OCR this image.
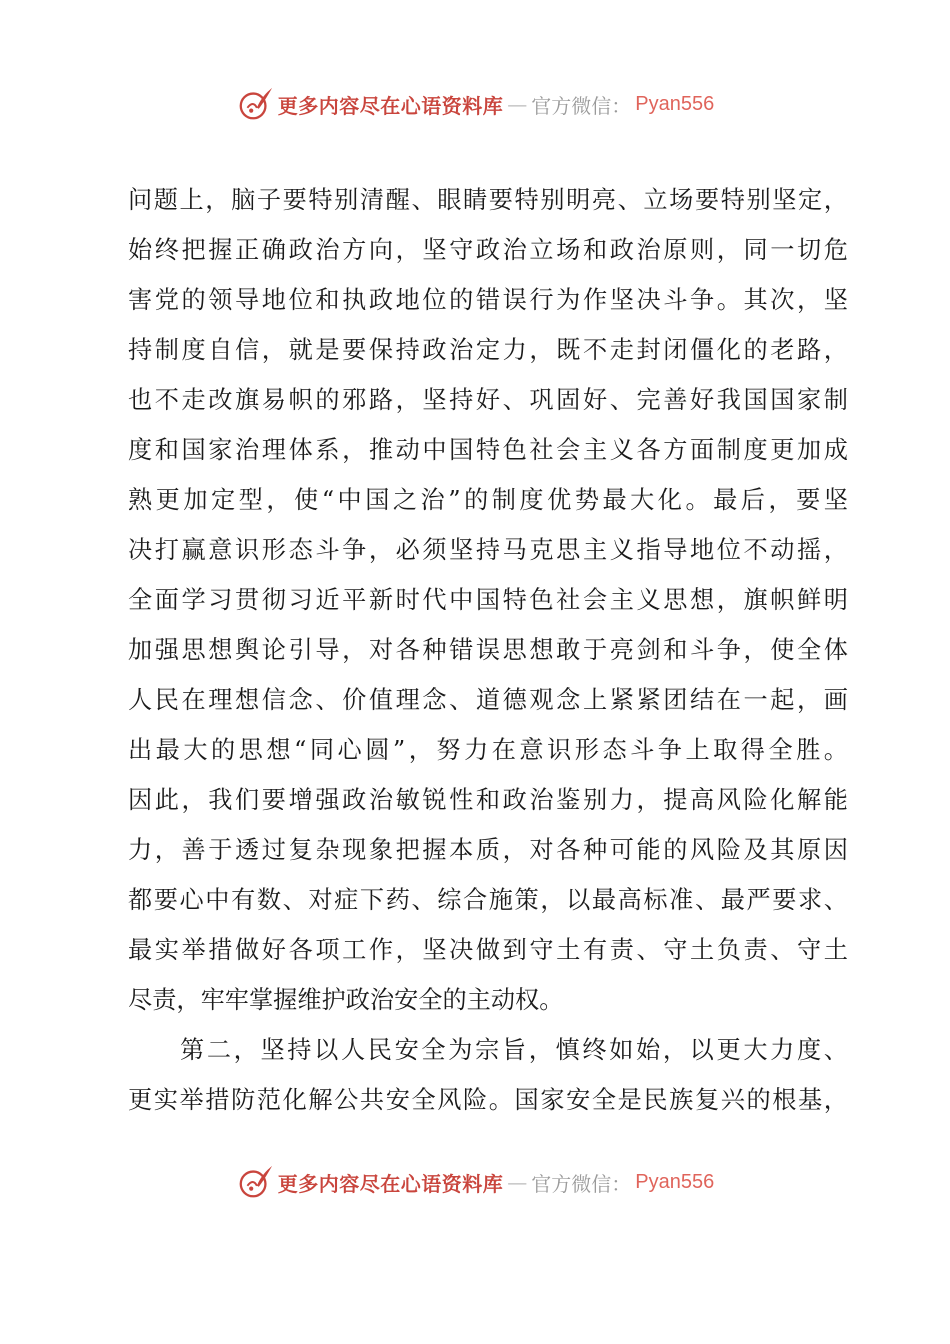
更多内容尽在心语资料库 — 官方微信： Pyan556
问题上，脑子要特别清醒、眼睛要特别明亮、立场要特别坚定，
始终把握正确政治方向，坚守政治立场和政治原则，同一切危
害党的领导地位和执政地位的错误行为作坚决斗争。其次，坚
持制度自信，就是要保持政治定力，既不走封闭僵化的老路，
也不走改旗易帜的邪路，坚持好、巩固好、完善好我国国家制
度和国家治理体系，推动中国特色社会主义各方面制度更加成
熟更加定型，使“中国之治”的制度优势最大化。最后，要坚
决打赢意识形态斗争，必须坚持马克思主义指导地位不动摇，
全面学习贯彻习近平新时代中国特色社会主义思想，旗帜鲜明
加强思想舆论引导，对各种错误思想敢于亮剑和斗争，使全体
人民在理想信念、价值理念、道德观念上紧紧团结在一起，画
出最大的思想“同心圆”，努力在意识形态斗争上取得全胜。
因此，我们要增强政治敏锐性和政治鉴别力，提高风险化解能
力，善于透过复杂现象把握本质，对各种可能的风险及其原因
都要心中有数、对症下药、综合施策，以最高标准、最严要求、
最实举措做好各项工作，坚决做到守土有责、守土负责、守土
尽责，牢牢掌握维护政治安全的主动权。
第二，坚持以人民安全为宗旨，慎终如始，以更大力度、
更实举措防范化解公共安全风险。国家安全是民族复兴的根基，
更多内容尽在心语资料库 — 官方微信： Pyan556
